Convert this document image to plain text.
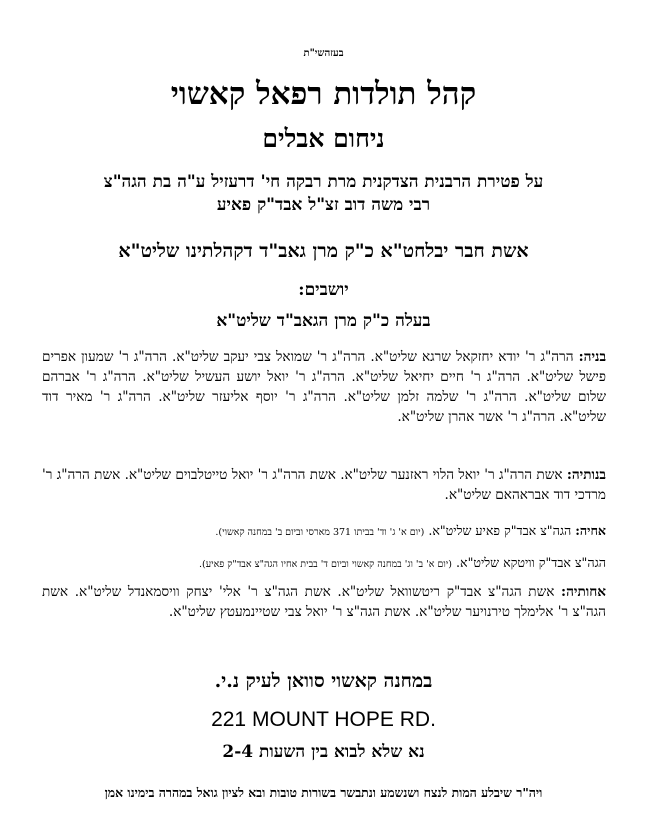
בעזהשי"ת
קהל תולדות רפאל קאשוי
ניחום אבלים
על פטירת הרבנית הצדקנית מרת רבקה חי' דרעזיל ע"ה בת הגה"צ
רבי משה דוב זצ"ל אבד"ק פאיע
אשת חבר יבלחט"א כ"ק מרן גאב"ד דקהלתינו שליט"א
יושבים:
בעלה כ"ק מרן הגאב"ד שליט"א
בניה: הרה"ג ר' יודא יחזקאל שרגא שליט"א. הרה"ג ר' שמואל צבי יעקב שליט"א. הרה"ג ר' שמעון אפרים פישל שליט"א. הרה"ג ר' חיים יחיאל שליט"א. הרה"ג ר' יואל יושע העשיל שליט"א. הרה"ג ר' אברהם שלום שליט"א. הרה"ג ר' שלמה זלמן שליט"א. הרה"ג ר' יוסף אליעזר שליט"א. הרה"ג ר' מאיר דוד שליט"א. הרה"ג ר' אשר אהרן שליט"א.
בנותיה: אשת הרה"ג ר' יואל הלוי ראזנער שליט"א. אשת הרה"ג ר' יואל טייטלבוים שליט"א. אשת הרה"ג ר' מרדכי דוד אבראהאם שליט"א.
אחיה: הגה"צ אבד"ק פאיע שליט"א. (יום א' ג' וד' בביתו 371 מארסי וביום ב' במחנה קאשוי).
הגה"צ אבד"ק וויטקא שליט"א. (יום א' ב' וג' במחנה קאשוי וביום ד' בבית אחיו הגה"צ אבד"ק פאיע).
אחותיה: אשת הגה"צ אבד"ק ריטשוואל שליט"א. אשת הגה"צ ר' אלי' יצחק וויסמאנדל שליט"א. אשת הגה"צ ר' אלימלך טירנויער שליט"א. אשת הגה"צ ר' יואל צבי שטיינמעטץ שליט"א.
במחנה קאשוי סוואן לעיק נ.י.
221 MOUNT HOPE RD.
נא שלא לבוא בין השעות 2-4
ויה"ר שיבלע המות לנצח ושנשמע ונתבשר בשורות טובות ובא לציון גואל במהרה בימינו אמן
